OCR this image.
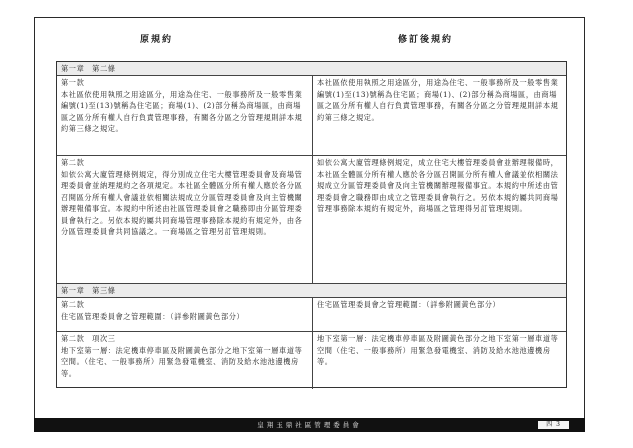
原規約	修訂後規約
第一章　第二條
第一款
本社區依使用執照之用途區分，用途為住宅、一般事務所及一般零售業編號(1)至(13)號稱為住宅區；商場(1)、(2)部分稱為商場區，由商場區之區分所有權人自行負責管理事務，有關各分區之分管理規則詳本規約第三條之規定。
本社區依使用執照之用途區分，用途為住宅、一般事務所及一般零售業編號(1)至(13)號稱為住宅區；商場(1)、(2)部分稱為商場區，由商場區之區分所有權人自行負責管理事務，有關各分區之分管理規則詳本規約第三條之規定。
第二款
如依公寓大廈管理條例規定，得分別成立住宅大樓管理委員會及商場管理委員會並納理規約之各項規定。本社區全體區分所有權人應於各分區召開區分所有權人會議並依相關法規成立分區管理委員會及向主管機關辦理報備事宜。本規約中所述由社區管理委員會之職務即由分區管理委員會執行之。另依本規約屬共同商場管理事務除本規約有規定外，由各分區管理委員會共同協議之。一商場區之管理另訂管理規則。
如依公寓大廈管理條例規定，成立住宅大樓管理委員會並辦理報備時，本社區全體區分所有權人應於各分區召開區分所有權人會議並依相關法規成立分區管理委員會及向主管機關辦理報備事宜。本規約中所述由管理委員會之職務即由成立之管理委員會執行之。另依本規約屬共同商場管理事務除本規約有規定外，商場區之管理得另訂管理規則。
第一章　第三條
第二款
住宅區管理委員會之管理範圍：（詳參附圖黃色部分）
住宅區管理委員會之管理範圍：（詳參附圖黃色部分）
第二款　項次三
地下室第一層：法定機車停車區及附圖黃色部分之地下室第一層車道等空間。（住宅、一般事務所）用緊急發電機室、消防及給水池池邊機房等。
地下室第一層：法定機車停車區及附圖黃色部分之地下室第一層車道等空間（住宅、一般事務所）用緊急發電機室、消防及給水池池邊機房等。
皇翔玉鼎社區管理委員會	四 3
